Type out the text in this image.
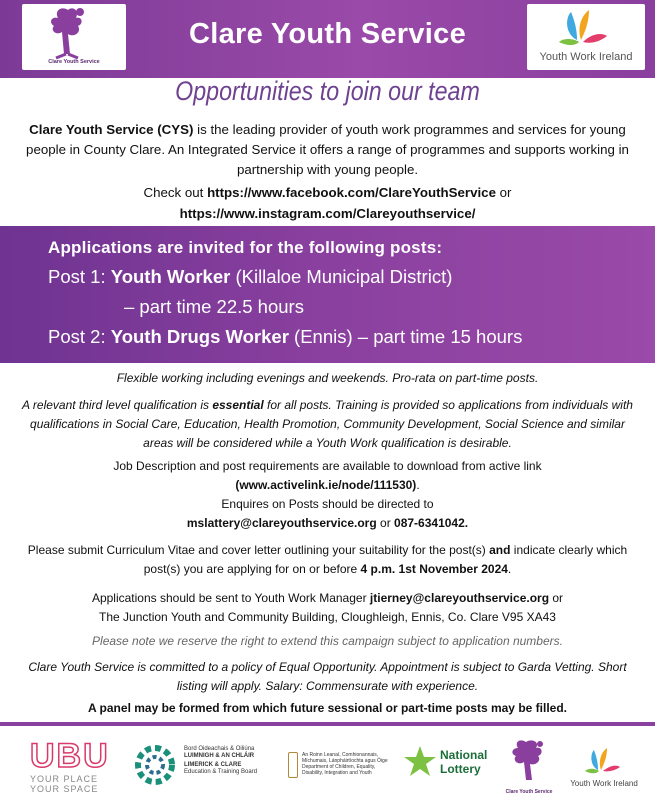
Clare Youth Service
Clare Youth Service
Youth Work Ireland
Opportunities to join our team
Clare Youth Service (CYS) is the leading provider of youth work programmes and services for young people in County Clare. An Integrated Service it offers a range of programmes and supports working in partnership with young people.
Check out https://www.facebook.com/ClareYouthService or
https://www.instagram.com/Clareyouthservice/
Applications are invited for the following posts:
Post 1: Youth Worker (Killaloe Municipal District)
– part time 22.5 hours
Post 2: Youth Drugs Worker (Ennis) – part time 15 hours
Flexible working including evenings and weekends. Pro-rata on part-time posts.
A relevant third level qualification is essential for all posts. Training is provided so applications from individuals with qualifications in Social Care, Education, Health Promotion, Community Development, Social Science and similar areas will be considered while a Youth Work qualification is desirable.
Job Description and post requirements are available to download from active link
(www.activelink.ie/node/111530).
Enquires on Posts should be directed to
mslattery@clareyouthservice.org or 087-6341042.
Please submit Curriculum Vitae and cover letter outlining your suitability for the post(s) and indicate clearly which post(s) you are applying for on or before 4 p.m. 1st November 2024.
Applications should be sent to Youth Work Manager jtierney@clareyouthservice.org or
The Junction Youth and Community Building, Cloughleigh, Ennis, Co. Clare V95 XA43
Please note we reserve the right to extend this campaign subject to application numbers.
Clare Youth Service is committed to a policy of Equal Opportunity. Appointment is subject to Garda Vetting. Short listing will apply. Salary: Commensurate with experience.
A panel may be formed from which future sessional or part-time posts may be filled.
UBU
YOUR PLACE
YOUR SPACE
Bord Oideachais & Oiliúna
LUIMNIGH & AN CHLÁIR
LIMERICK & CLARE
Education & Training Board
An Roinn Leanaí, Comhionannais,
Míchumais, Lánpháirtíochta agus Óige
Department of Children, Equality,
Disability, Integration and Youth
National
Lottery
Clare Youth Service
Youth Work Ireland
